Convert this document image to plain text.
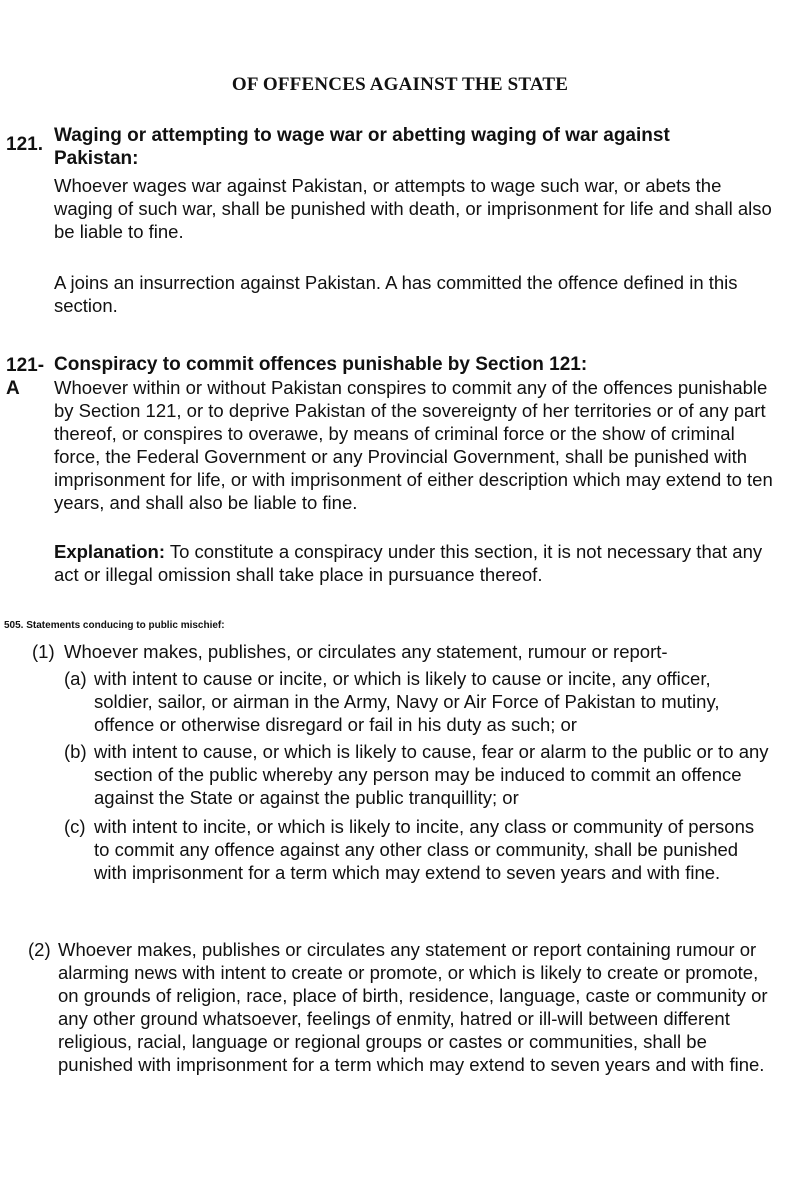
OF OFFENCES AGAINST THE STATE
121. Waging or attempting to wage war or abetting waging of war against Pakistan:
Whoever wages war against Pakistan, or attempts to wage such war, or abets the waging of such war, shall be punished with death, or imprisonment for life and shall also be liable to fine.
A joins an insurrection against Pakistan. A has committed the offence defined in this section.
121-
A
Conspiracy to commit offences punishable by Section 121:
Whoever within or without Pakistan conspires to commit any of the offences punishable by Section 121, or to deprive Pakistan of the sovereignty of her territories or of any part thereof, or conspires to overawe, by means of criminal force or the show of criminal force, the Federal Government or any Provincial Government, shall be punished with imprisonment for life, or with imprisonment of either description which may extend to ten years, and shall also be liable to fine.
Explanation: To constitute a conspiracy under this section, it is not necessary that any act or illegal omission shall take place in pursuance thereof.
505. Statements conducing to public mischief:
(1) Whoever makes, publishes, or circulates any statement, rumour or report-
(a) with intent to cause or incite, or which is likely to cause or incite, any officer, soldier, sailor, or airman in the Army, Navy or Air Force of Pakistan to mutiny, offence or otherwise disregard or fail in his duty as such; or
(b) with intent to cause, or which is likely to cause, fear or alarm to the public or to any section of the public whereby any person may be induced to commit an offence against the State or against the public tranquillity; or
(c) with intent to incite, or which is likely to incite, any class or community of persons to commit any offence against any other class or community, shall be punished with imprisonment for a term which may extend to seven years and with fine.
(2) Whoever makes, publishes or circulates any statement or report containing rumour or alarming news with intent to create or promote, or which is likely to create or promote, on grounds of religion, race, place of birth, residence, language, caste or community or any other ground whatsoever, feelings of enmity, hatred or ill-will between different religious, racial, language or regional groups or castes or communities, shall be punished with imprisonment for a term which may extend to seven years and with fine.
